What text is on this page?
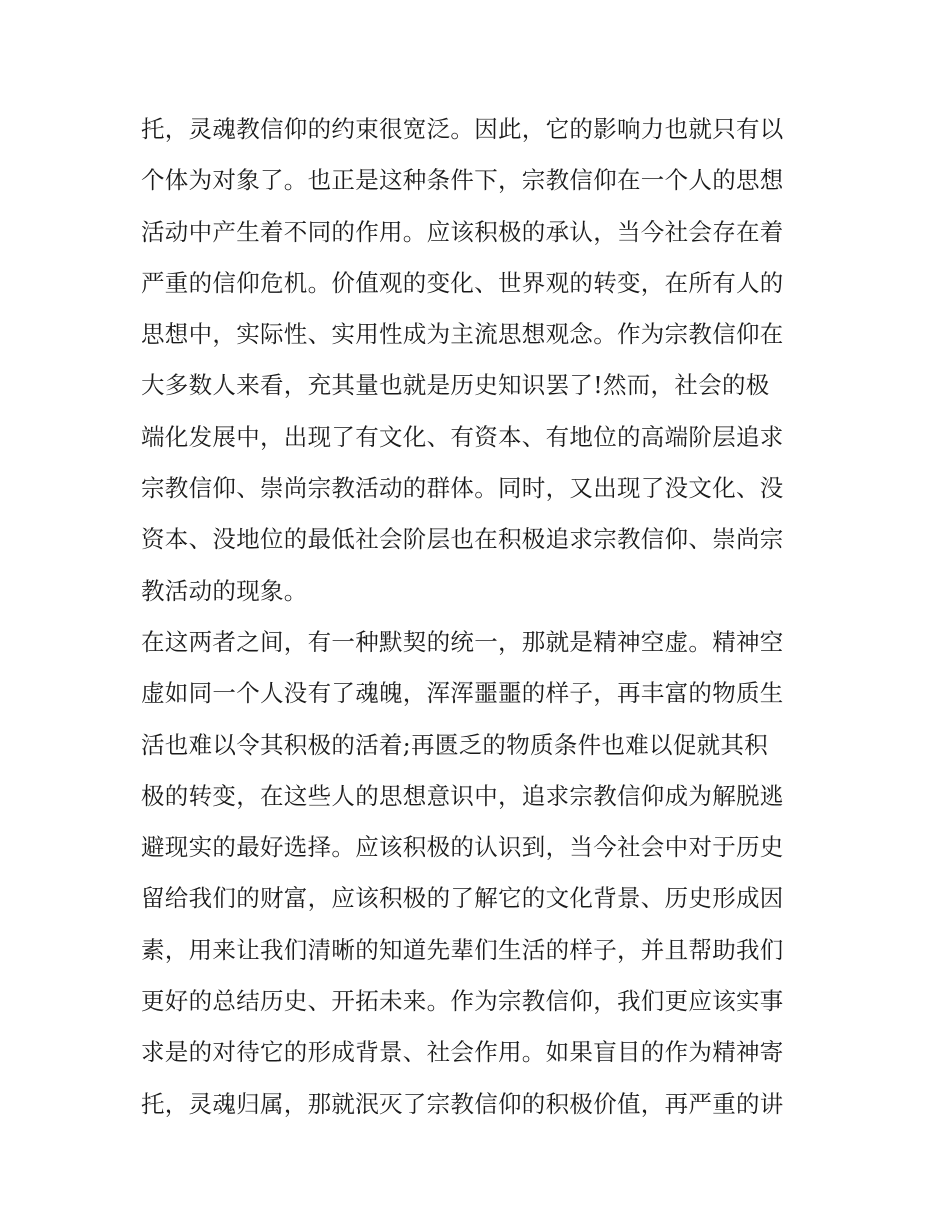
托，灵魂教信仰的约束很宽泛。因此，它的影响力也就只有以
个体为对象了。也正是这种条件下，宗教信仰在一个人的思想
活动中产生着不同的作用。应该积极的承认，当今社会存在着
严重的信仰危机。价值观的变化、世界观的转变，在所有人的
思想中，实际性、实用性成为主流思想观念。作为宗教信仰在
大多数人来看，充其量也就是历史知识罢了!然而，社会的极
端化发展中，出现了有文化、有资本、有地位的高端阶层追求
宗教信仰、崇尚宗教活动的群体。同时，又出现了没文化、没
资本、没地位的最低社会阶层也在积极追求宗教信仰、崇尚宗
教活动的现象。
在这两者之间，有一种默契的统一，那就是精神空虚。精神空
虚如同一个人没有了魂魄，浑浑噩噩的样子，再丰富的物质生
活也难以令其积极的活着;再匮乏的物质条件也难以促就其积
极的转变，在这些人的思想意识中，追求宗教信仰成为解脱逃
避现实的最好选择。应该积极的认识到，当今社会中对于历史
留给我们的财富，应该积极的了解它的文化背景、历史形成因
素，用来让我们清晰的知道先辈们生活的样子，并且帮助我们
更好的总结历史、开拓未来。作为宗教信仰，我们更应该实事
求是的对待它的形成背景、社会作用。如果盲目的作为精神寄
托，灵魂归属，那就泯灭了宗教信仰的积极价值，再严重的讲
